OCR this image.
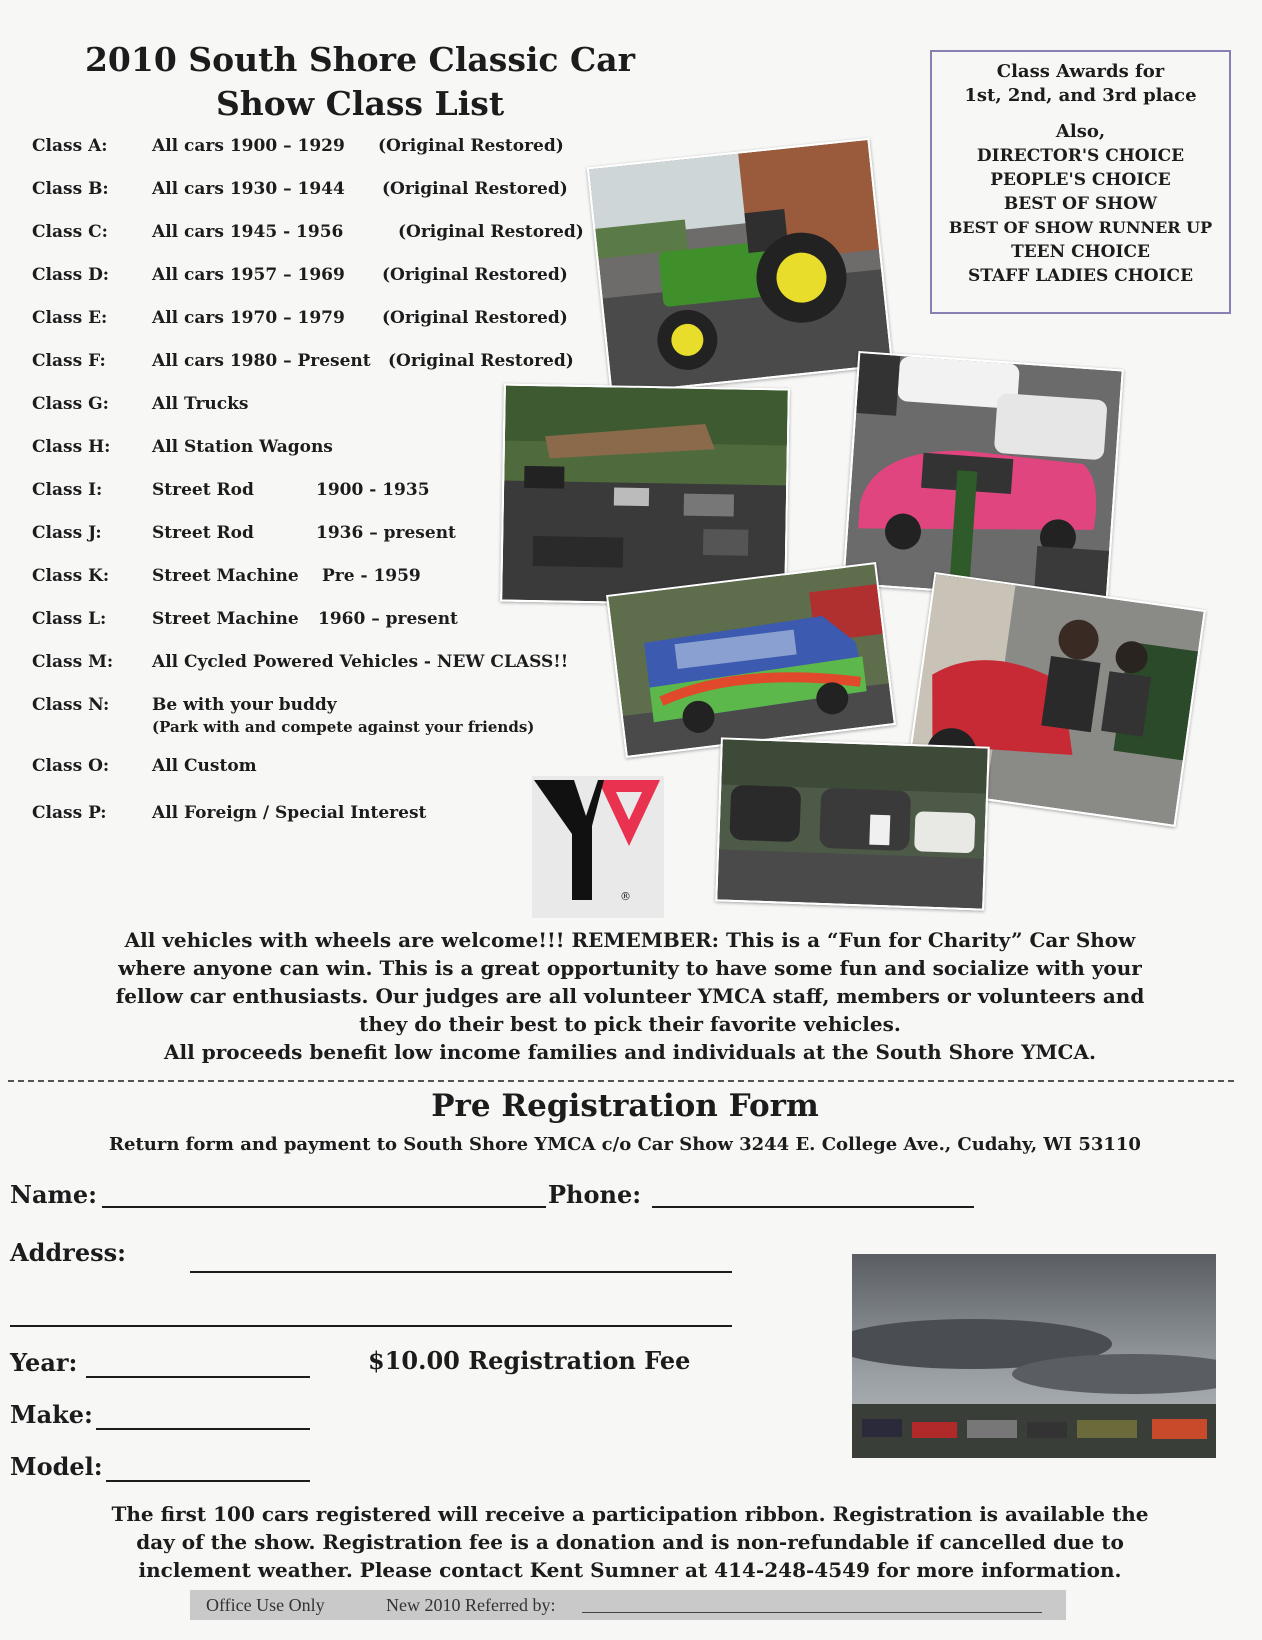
2010 South Shore Classic Car
Show Class List
Class A:	All cars 1900 – 1929 (Original Restored)
Class B:	All cars 1930 – 1944 (Original Restored)
Class C:	All cars 1945 - 1956	(Original Restored)
Class D:	All cars 1957 – 1969 (Original Restored)
Class E:	All cars 1970 – 1979 (Original Restored)
Class F:	All cars 1980 – Present (Original Restored)
Class G:	All Trucks
Class H: All Station Wagons
Class I:	Street Rod	1900 - 1935
Class J:	Street Rod	1936 – present
Class K:	Street Machine Pre - 1959
Class L:	Street Machine 1960 – present
Class M: All Cycled Powered Vehicles - NEW CLASS!!
Class N:	Be with your buddy
(Park with and compete against your friends)
Class O:	All Custom
Class P:	All Foreign / Special Interest
Class Awards for
1st, 2nd, and 3rd place
Also,
DIRECTOR'S CHOICE
PEOPLE'S CHOICE
BEST OF SHOW
BEST OF SHOW RUNNER UP
TEEN CHOICE
STAFF LADIES CHOICE
®
All vehicles with wheels are welcome!!! REMEMBER: This is a “Fun for Charity” Car Show
where anyone can win. This is a great opportunity to have some fun and socialize with your
fellow car enthusiasts. Our judges are all volunteer YMCA staff, members or volunteers and
they do their best to pick their favorite vehicles.
All proceeds benefit low income families and individuals at the South Shore YMCA.
Pre Registration Form
Return form and payment to South Shore YMCA c/o Car Show 3244 E. College Ave., Cudahy, WI 53110
Name:	Phone:
Address:
Year:	$10.00 Registration Fee
Make:
Model:
The first 100 cars registered will receive a participation ribbon. Registration is available the
day of the show. Registration fee is a donation and is non-refundable if cancelled due to
inclement weather. Please contact Kent Sumner at 414-248-4549 for more information.
Office Use Only	New 2010 Referred by:
